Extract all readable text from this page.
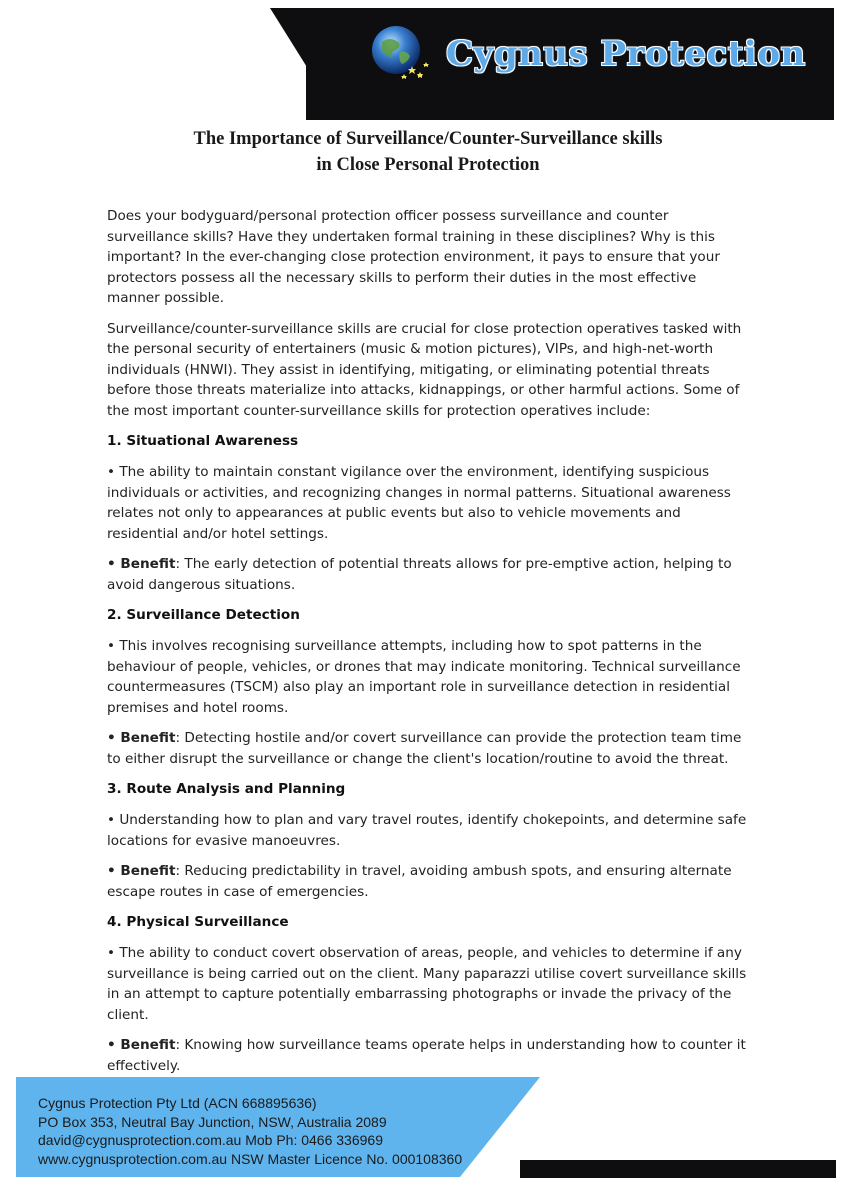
Cygnus Protection
The Importance of Surveillance/Counter-Surveillance skills
in Close Personal Protection

Does your bodyguard/personal protection officer possess surveillance and counter surveillance skills? Have they undertaken formal training in these disciplines? Why is this important? In the ever-changing close protection environment, it pays to ensure that your protectors possess all the necessary skills to perform their duties in the most effective manner possible.

Surveillance/counter-surveillance skills are crucial for close protection operatives tasked with the personal security of entertainers (music & motion pictures), VIPs, and high-net-worth individuals (HNWI). They assist in identifying, mitigating, or eliminating potential threats before those threats materialize into attacks, kidnappings, or other harmful actions. Some of the most important counter-surveillance skills for protection operatives include:

1. Situational Awareness

• The ability to maintain constant vigilance over the environment, identifying suspicious individuals or activities, and recognizing changes in normal patterns. Situational awareness relates not only to appearances at public events but also to vehicle movements and residential and/or hotel settings.

• Benefit: The early detection of potential threats allows for pre-emptive action, helping to avoid dangerous situations.

2. Surveillance Detection

• This involves recognising surveillance attempts, including how to spot patterns in the behaviour of people, vehicles, or drones that may indicate monitoring. Technical surveillance countermeasures (TSCM) also play an important role in surveillance detection in residential premises and hotel rooms.

• Benefit: Detecting hostile and/or covert surveillance can provide the protection team time to either disrupt the surveillance or change the client's location/routine to avoid the threat.

3. Route Analysis and Planning

• Understanding how to plan and vary travel routes, identify chokepoints, and determine safe locations for evasive manoeuvres.

• Benefit: Reducing predictability in travel, avoiding ambush spots, and ensuring alternate escape routes in case of emergencies.

4. Physical Surveillance

• The ability to conduct covert observation of areas, people, and vehicles to determine if any surveillance is being carried out on the client. Many paparazzi utilise covert surveillance skills in an attempt to capture potentially embarrassing photographs or invade the privacy of the client.

• Benefit: Knowing how surveillance teams operate helps in understanding how to counter it effectively.

Cygnus Protection Pty Ltd (ACN 668895636)
PO Box 353, Neutral Bay Junction, NSW, Australia 2089
david@cygnusprotection.com.au Mob Ph: 0466 336969
www.cygnusprotection.com.au NSW Master Licence No. 000108360
